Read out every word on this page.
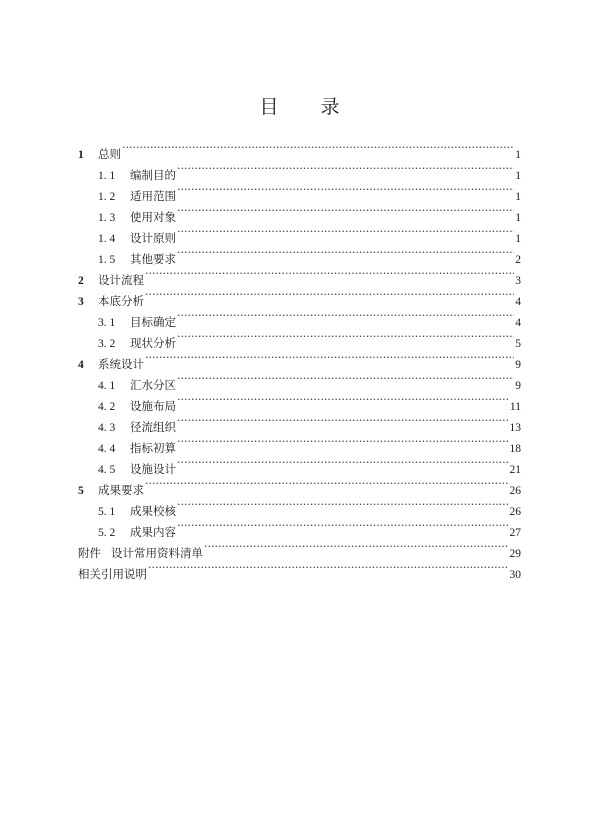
目 录
1	总则 ·····	1
1. 1	编制目的 ·····	1
1. 2	适用范围 ·····	1
1. 3	使用对象 ·····	1
1. 4	设计原则 ·····	1
1. 5	其他要求 ·····	2
2	设计流程 ·····	3
3	本底分析 ·····	4
3. 1	目标确定 ·····	4
3. 2	现状分析 ·····	5
4	系统设计 ·····	9
4. 1	汇水分区 ·····	9
4. 2	设施布局 ·····	11
4. 3	径流组织 ·····	13
4. 4	指标初算 ·····	18
4. 5	设施设计 ·····	21
5	成果要求 ·····	26
5. 1	成果校核 ·····	26
5. 2	成果内容 ·····	27
附件 设计常用资料清单 ·····	29
相关引用说明 ·····	30
